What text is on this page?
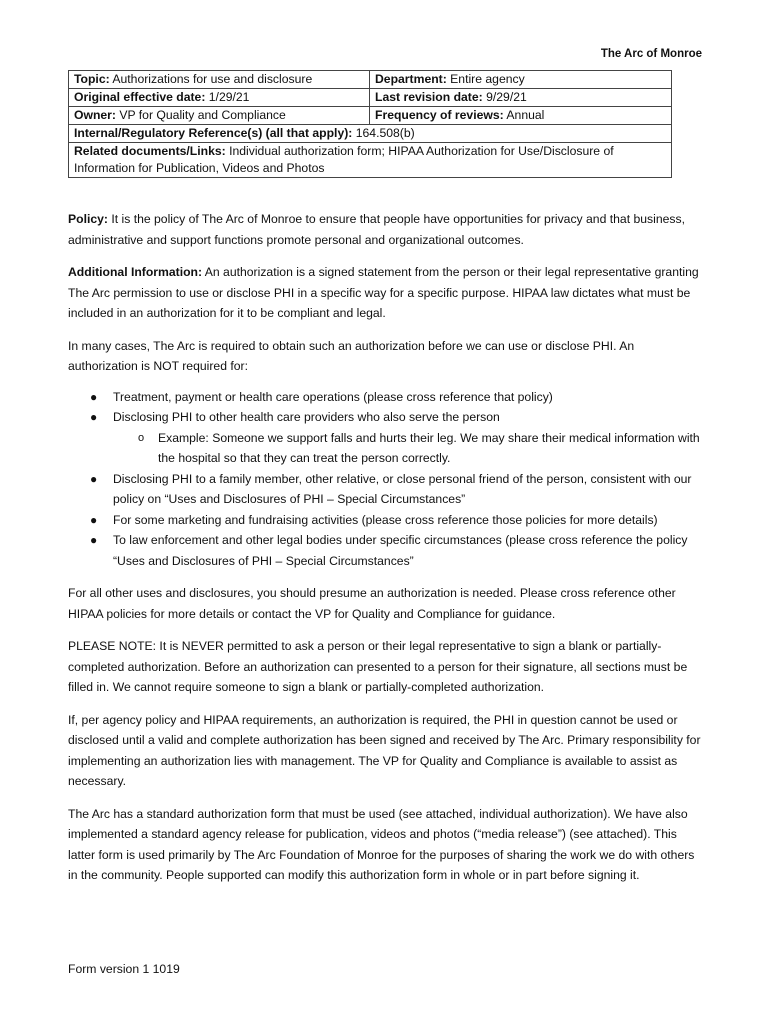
The Arc of Monroe
Topic: Authorizations for use and disclosure	Department: Entire agency
Original effective date: 1/29/21	Last revision date: 9/29/21
Owner: VP for Quality and Compliance	Frequency of reviews: Annual
Internal/Regulatory Reference(s) (all that apply): 164.508(b)	
Related documents/Links: Individual authorization form; HIPAA Authorization for Use/Disclosure of Information for Publication, Videos and Photos	

Policy: It is the policy of The Arc of Monroe to ensure that people have opportunities for privacy and that business, administrative and support functions promote personal and organizational outcomes.

Additional Information: An authorization is a signed statement from the person or their legal representative granting The Arc permission to use or disclose PHI in a specific way for a specific purpose. HIPAA law dictates what must be included in an authorization for it to be compliant and legal.

In many cases, The Arc is required to obtain such an authorization before we can use or disclose PHI. An authorization is NOT required for:

● Treatment, payment or health care operations (please cross reference that policy)
● Disclosing PHI to other health care providers who also serve the person
o Example: Someone we support falls and hurts their leg. We may share their medical information with the hospital so that they can treat the person correctly.
● Disclosing PHI to a family member, other relative, or close personal friend of the person, consistent with our policy on “Uses and Disclosures of PHI – Special Circumstances”
● For some marketing and fundraising activities (please cross reference those policies for more details)
● To law enforcement and other legal bodies under specific circumstances (please cross reference the policy “Uses and Disclosures of PHI – Special Circumstances”

For all other uses and disclosures, you should presume an authorization is needed. Please cross reference other HIPAA policies for more details or contact the VP for Quality and Compliance for guidance.

PLEASE NOTE: It is NEVER permitted to ask a person or their legal representative to sign a blank or partially-completed authorization. Before an authorization can presented to a person for their signature, all sections must be filled in. We cannot require someone to sign a blank or partially-completed authorization.

If, per agency policy and HIPAA requirements, an authorization is required, the PHI in question cannot be used or disclosed until a valid and complete authorization has been signed and received by The Arc. Primary responsibility for implementing an authorization lies with management. The VP for Quality and Compliance is available to assist as necessary.

The Arc has a standard authorization form that must be used (see attached, individual authorization). We have also implemented a standard agency release for publication, videos and photos (“media release”) (see attached). This latter form is used primarily by The Arc Foundation of Monroe for the purposes of sharing the work we do with others in the community. People supported can modify this authorization form in whole or in part before signing it.

Form version 1 1019
